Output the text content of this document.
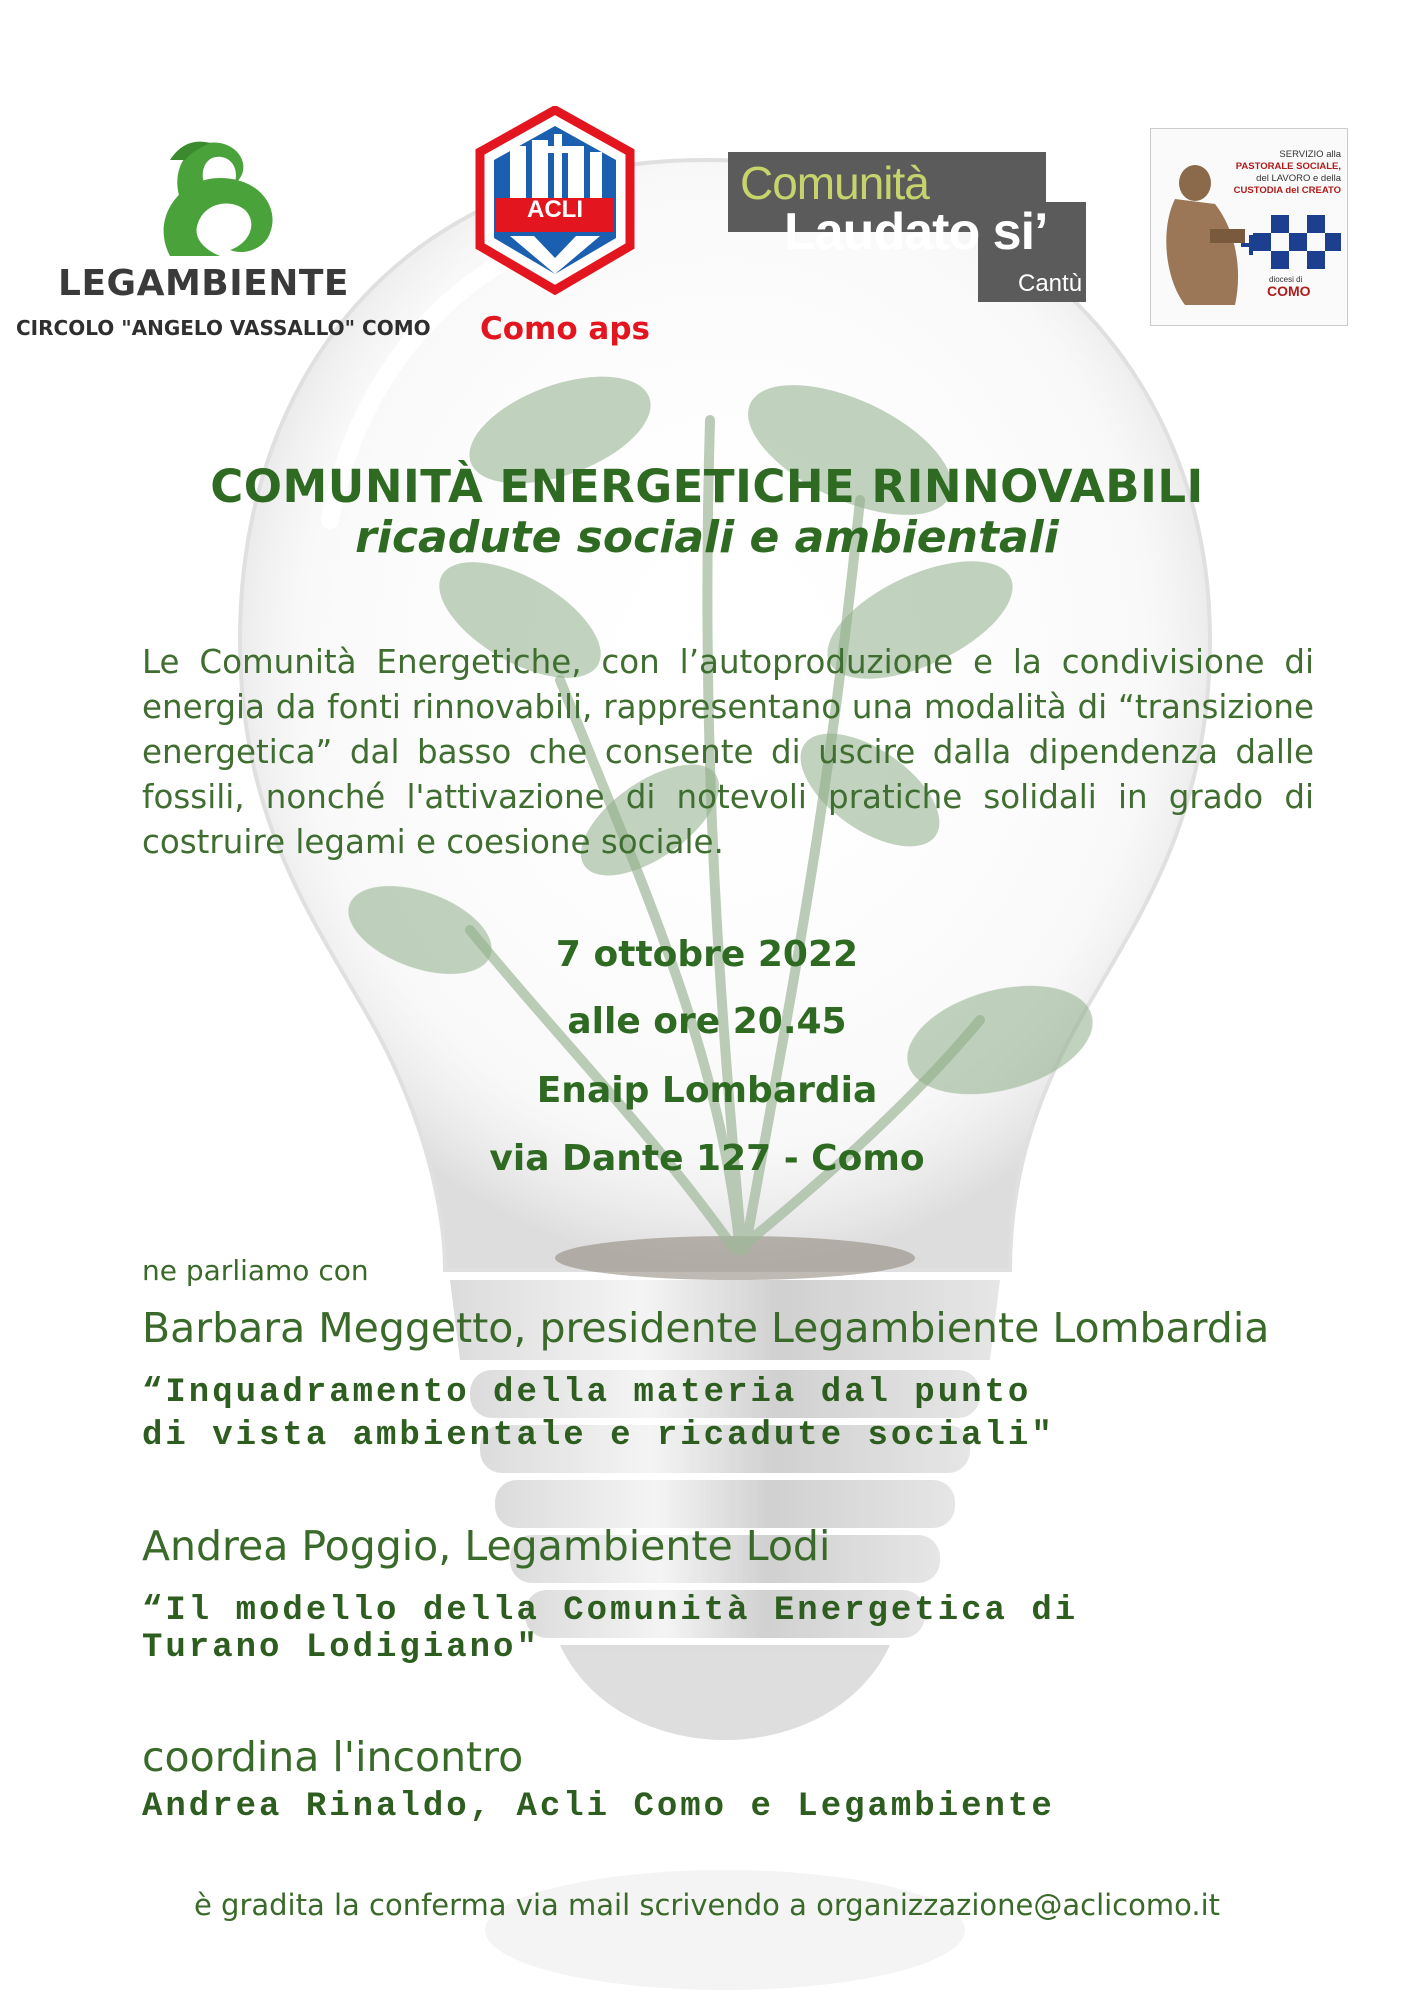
LEGAMBIENTE
CIRCOLO "ANGELO VASSALLO" COMO
ACLI
Como aps
Comunità
Laudato si’
Cantù
SERVIZIO alla
PASTORALE SOCIALE,
del LAVORO e della
CUSTODIA del CREATO
diocesi di
COMO
COMUNITÀ ENERGETICHE RINNOVABILI
ricadute sociali e ambientali
Le Comunità Energetiche, con l’autoproduzione e la condivisione di energia da fonti rinnovabili, rappresentano una modalità di “transizione energetica” dal basso che consente di uscire dalla dipendenza dalle fossili, nonché l'attivazione di notevoli pratiche solidali in grado di costruire legami e coesione sociale.
7 ottobre 2022
alle ore 20.45
Enaip Lombardia
via Dante 127 - Como
ne parliamo con
Barbara Meggetto, presidente Legambiente Lombardia
“Inquadramento della materia dal punto
di vista ambientale e ricadute sociali"
Andrea Poggio, Legambiente Lodi
“Il modello della Comunità Energetica di
Turano Lodigiano"
coordina l'incontro
Andrea Rinaldo, Acli Como e Legambiente
è gradita la conferma via mail scrivendo a organizzazione@aclicomo.it
